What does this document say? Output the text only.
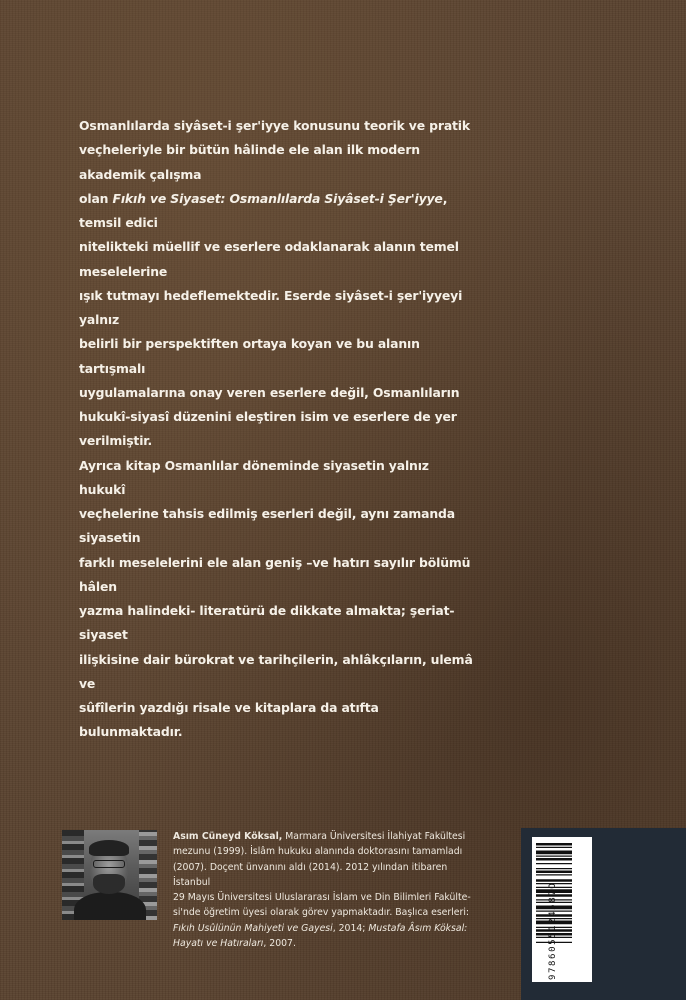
Osmanlılarda siyâset-i şer'iyye konusunu teorik ve pratik
veçheleriyle bir bütün hâlinde ele alan ilk modern akademik çalışma
olan Fıkıh ve Siyaset: Osmanlılarda Siyâset-i Şer'iyye, temsil edici
nitelikteki müellif ve eserlere odaklanarak alanın temel meselelerine
ışık tutmayı hedeflemektedir. Eserde siyâset-i şer'iyyeyi yalnız
belirli bir perspektiften ortaya koyan ve bu alanın tartışmalı
uygulamalarına onay veren eserlere değil, Osmanlıların
hukukî-siyasî düzenini eleştiren isim ve eserlere de yer verilmiştir.
Ayrıca kitap Osmanlılar döneminde siyasetin yalnız hukukî
veçhelerine tahsis edilmiş eserleri değil, aynı zamanda siyasetin
farklı meselelerini ele alan geniş –ve hatırı sayılır bölümü hâlen
yazma halindeki- literatürü de dikkate almakta; şeriat-siyaset
ilişkisine dair bürokrat ve tarihçilerin, ahlâkçıların, ulemâ ve
sûfîlerin yazdığı risale ve kitaplara da atıfta bulunmaktadır.
Asım Cüneyd Köksal, Marmara Üniversitesi İlahiyat Fakültesi
mezunu (1999). İslâm hukuku alanında doktorasını tamamladı
(2007). Doçent ünvanını aldı (2014). 2012 yılından itibaren İstanbul
29 Mayıs Üniversitesi Uluslararası İslam ve Din Bilimleri Fakülte-
si'nde öğretim üyesi olarak görev yapmaktadır. Başlıca eserleri:
Fıkıh Usûlünün Mahiyeti ve Gayesi, 2014; Mustafa Âsım Köksal:
Hayatı ve Hatıraları, 2007.	9786055124587O
